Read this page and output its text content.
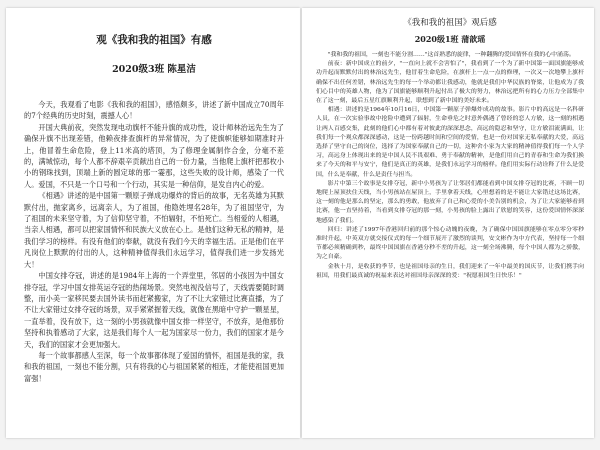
观《我和我的祖国》有感
2020级3班 陈星洁

今天，我观看了电影《我和我的祖国》，感悟颇多，讲述了新中国成立70周年的7个经典的历史时刻，震撼人心！

开国大典前夜，突然发现电动旗杆不能升旗的成功性，设计师林治远先生为了确保升旗不出现差错，他赖夜排查旗杆的异常情况，为了使旗帜能够如期准时升上，他冒着生命危险，登上11米高的塔顶，为了修理金属制作合金，分毫不差的，满城惊动，每个人都不辞艰辛贡献出自己的一份力量，当他爬上旗杆把那枚小小的钢珠找到，顶端上新的圆定球的那一霎那，这些失败的设计师，感染了一代人。爱国，不只是一个口号和一个行动，其实是一种信仰，是发自内心的爱。

《相遇》讲述的是中国第一颗原子弹成功爆炸的背后的故事，无名英雄为其默默付出，抛家离乡，远离亲人，为了祖国，他隐姓埋名28年，为了祖国坚守，为了祖国的未来坚守着，为了信仰坚守着，不怕辐射，不怕死亡。当相爱的人相遇，当亲人相遇，都可以把家国情怀和民族大义放在心上。是他们这种无私的精神，是我们学习的榜样。有没有他们的奉献，就没有我们今天的幸福生活。正是他们在平凡岗位上默默的付出的人，这种精神值得我们永远学习，值得我们进一步发扬光大！

中国女排夺冠，讲述的是1984年上海的一个弄堂里，邻居的小孩因为中国女排夺冠，学习中国女排英运夺冠的热闹场景。突然电视没信号了，天线需要随时调整，而小美一家移民要去国外读书而赶紧搬家，为了不让大家错过比赛直播，为了不让大家错过女排夺冠的场景，双手紧紧握着天线，就像在黑暗中守护一颗星星，一直举着，没有放下，这一刻的小男孩就像中国女排一样坚守，不放弃，是他那份坚持和执着感动了大家，这是我们每个人一起为国家尽一份力，我们的国家才是今天，我们的国家才会更加强大。

每一个故事都感人至深，每一个故事都体现了爱国的情怀，祖国是我的家，我和我的祖国，一刻也不能分割，只有将我的心与祖国紧紧的相连，才能使祖国更加富强！

《我和我的祖国》观后感
2020级1班 蒲歆瑶

"我和我的祖国，一刻也不能分割……"这首熟悉的旋律，一种翻腾的爱国情怀在我的心中涌荡。

前夜：新中国成立的前夕，"一直向上就不会害怕了"，我看到了一个为了新中国第一面国旗能够成功升起而默默付出的林治远先生，他冒着生命危险，在旗杆上一点一点的修理，一次又一次地攀上旗杆确保不出任何差错，林治远先生的每一个举动都让我感动，他就是我们中华民族的脊梁，让他成为了我们心目中的英雄人物，他为了国旗能够顺利升起付出了极大的努力，林治远把所有的心力压力全部集中在了这一刻，最后五星红旗顺利升起，联想到了新中国的美好未来。

相遇：讲述的是1964年10月16日，中国第一颗原子弹爆炸成功的故事。影片中的高远是一名科研人员，在一次实验事故中抢险中遭到了辐射，生命垂危之时意外偶遇了曾经的恋人方敏，这一刻的相遇让两人百感交集，此刻的他们心中都有着对彼此的深深思念，高远的隐忍和坚守，让方敏泪流满面，让我们每一个观众都深深感动，这是一份跨越时间和空间的爱情，也是一份对国家无私奉献的大爱，高远选择了坚守自己的岗位，选择了为国家奉献自己的一切，这种舍小家为大家的精神值得我们每一个人学习，高远身上体现出来的是中国人民不畏艰难、勇于奉献的精神，是他们用自己的青春和生命为我们换来了今天的和平与安宁，他们是真正的英雄，是我们永远学习的榜样。他们用实际行动诠释了什么是爱国，什么是奉献，什么是责任与担当。

影片中第三个故事是女排夺冠，新中小男孩为了让邻居们都能看到中国女排夺冠的比赛，不顾一切地爬上屋顶扶住天线，当小男孩站在屋顶上，手里拿着天线，心里想着的是不能让大家错过这场比赛，这一刻的他是那么的坚定，那么的勇敢，他放弃了自己和心爱的小美告别的机会，为了让大家能够看到比赛，他一直坚持着，当看到女排夺冠的那一刻，小男孩的脸上露出了欣慰的笑容，这份爱国情怀深深地感染了我们。

回归：讲述了1997年香港回归前的那个惊心动魄的夜晚，为了确保中国国旗能够在零点零分零秒准时升起，中英双方就交接仪式的每一个细节展开了激烈的谈判，安文彬作为中方代表，坚持每一个细节都必须精确到秒，最终中国国旗在香港分秒不差的升起，这一刻全场沸腾，每个中国人都为之骄傲，为之自豪。

金秋十月，是收获的季节，也是祖国母亲的生日，我们迎来了一年中最美的国庆节，让我们携手向祖国，用我们最真诚的祝福来表达对祖国母亲深深的爱："祝愿祖国生日快乐！"
